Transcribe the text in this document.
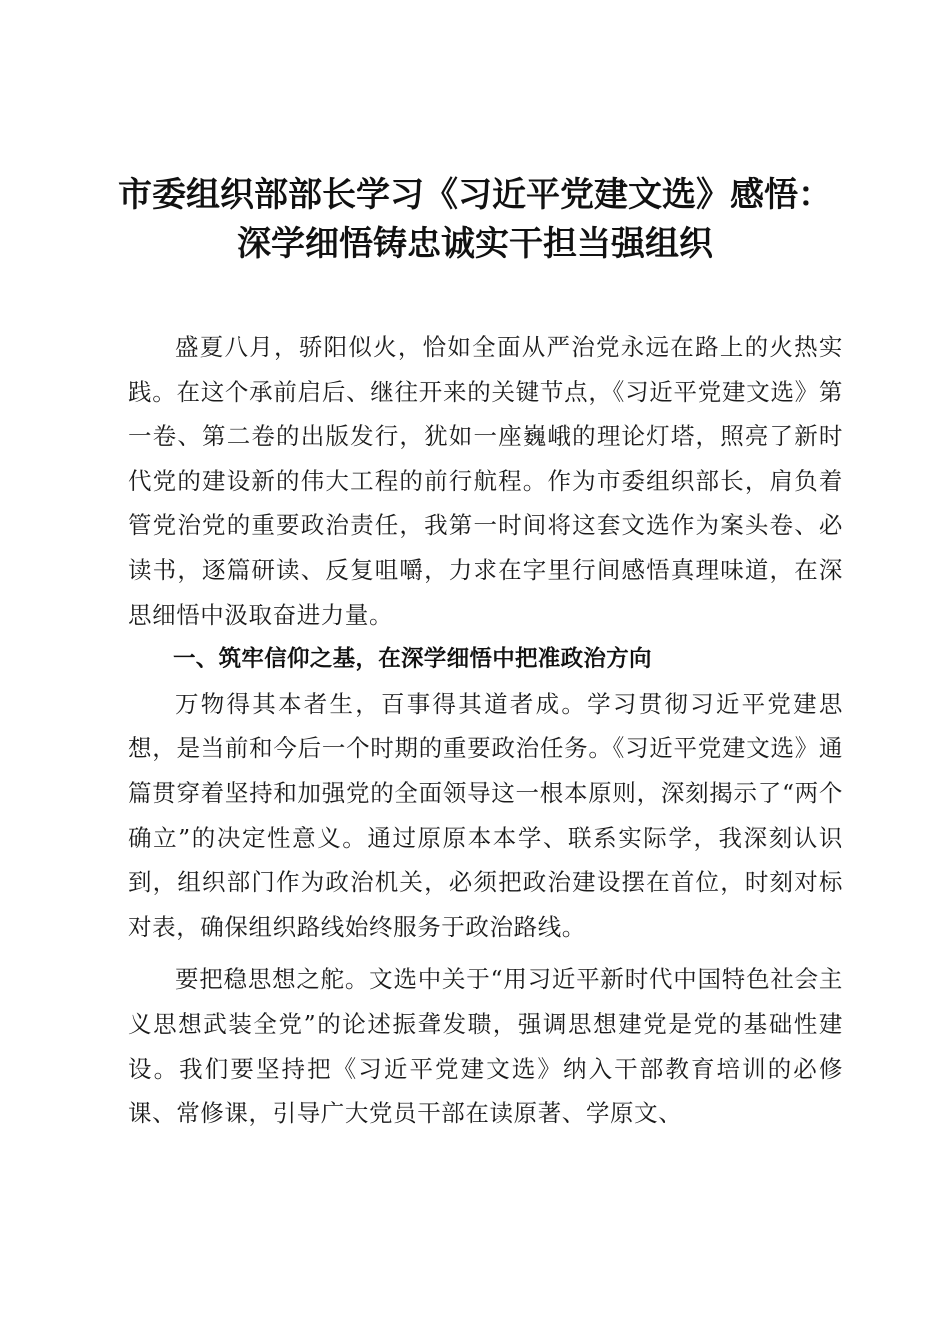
市委组织部部长学习《习近平党建文选》感悟：
深学细悟铸忠诚实干担当强组织

盛夏八月，骄阳似火，恰如全面从严治党永远在路上的火热实践。在这个承前启后、继往开来的关键节点，《习近平党建文选》第一卷、第二卷的出版发行，犹如一座巍峨的理论灯塔，照亮了新时代党的建设新的伟大工程的前行航程。作为市委组织部长，肩负着管党治党的重要政治责任，我第一时间将这套文选作为案头卷、必读书，逐篇研读、反复咀嚼，力求在字里行间感悟真理味道，在深思细悟中汲取奋进力量。

一、筑牢信仰之基，在深学细悟中把准政治方向

万物得其本者生，百事得其道者成。学习贯彻习近平党建思想，是当前和今后一个时期的重要政治任务。《习近平党建文选》通篇贯穿着坚持和加强党的全面领导这一根本原则，深刻揭示了“两个确立”的决定性意义。通过原原本本学、联系实际学，我深刻认识到，组织部门作为政治机关，必须把政治建设摆在首位，时刻对标对表，确保组织路线始终服务于政治路线。

要把稳思想之舵。文选中关于“用习近平新时代中国特色社会主义思想武装全党”的论述振聋发聩，强调思想建党是党的基础性建设。我们要坚持把《习近平党建文选》纳入干部教育培训的必修课、常修课，引导广大党员干部在读原著、学原文、
